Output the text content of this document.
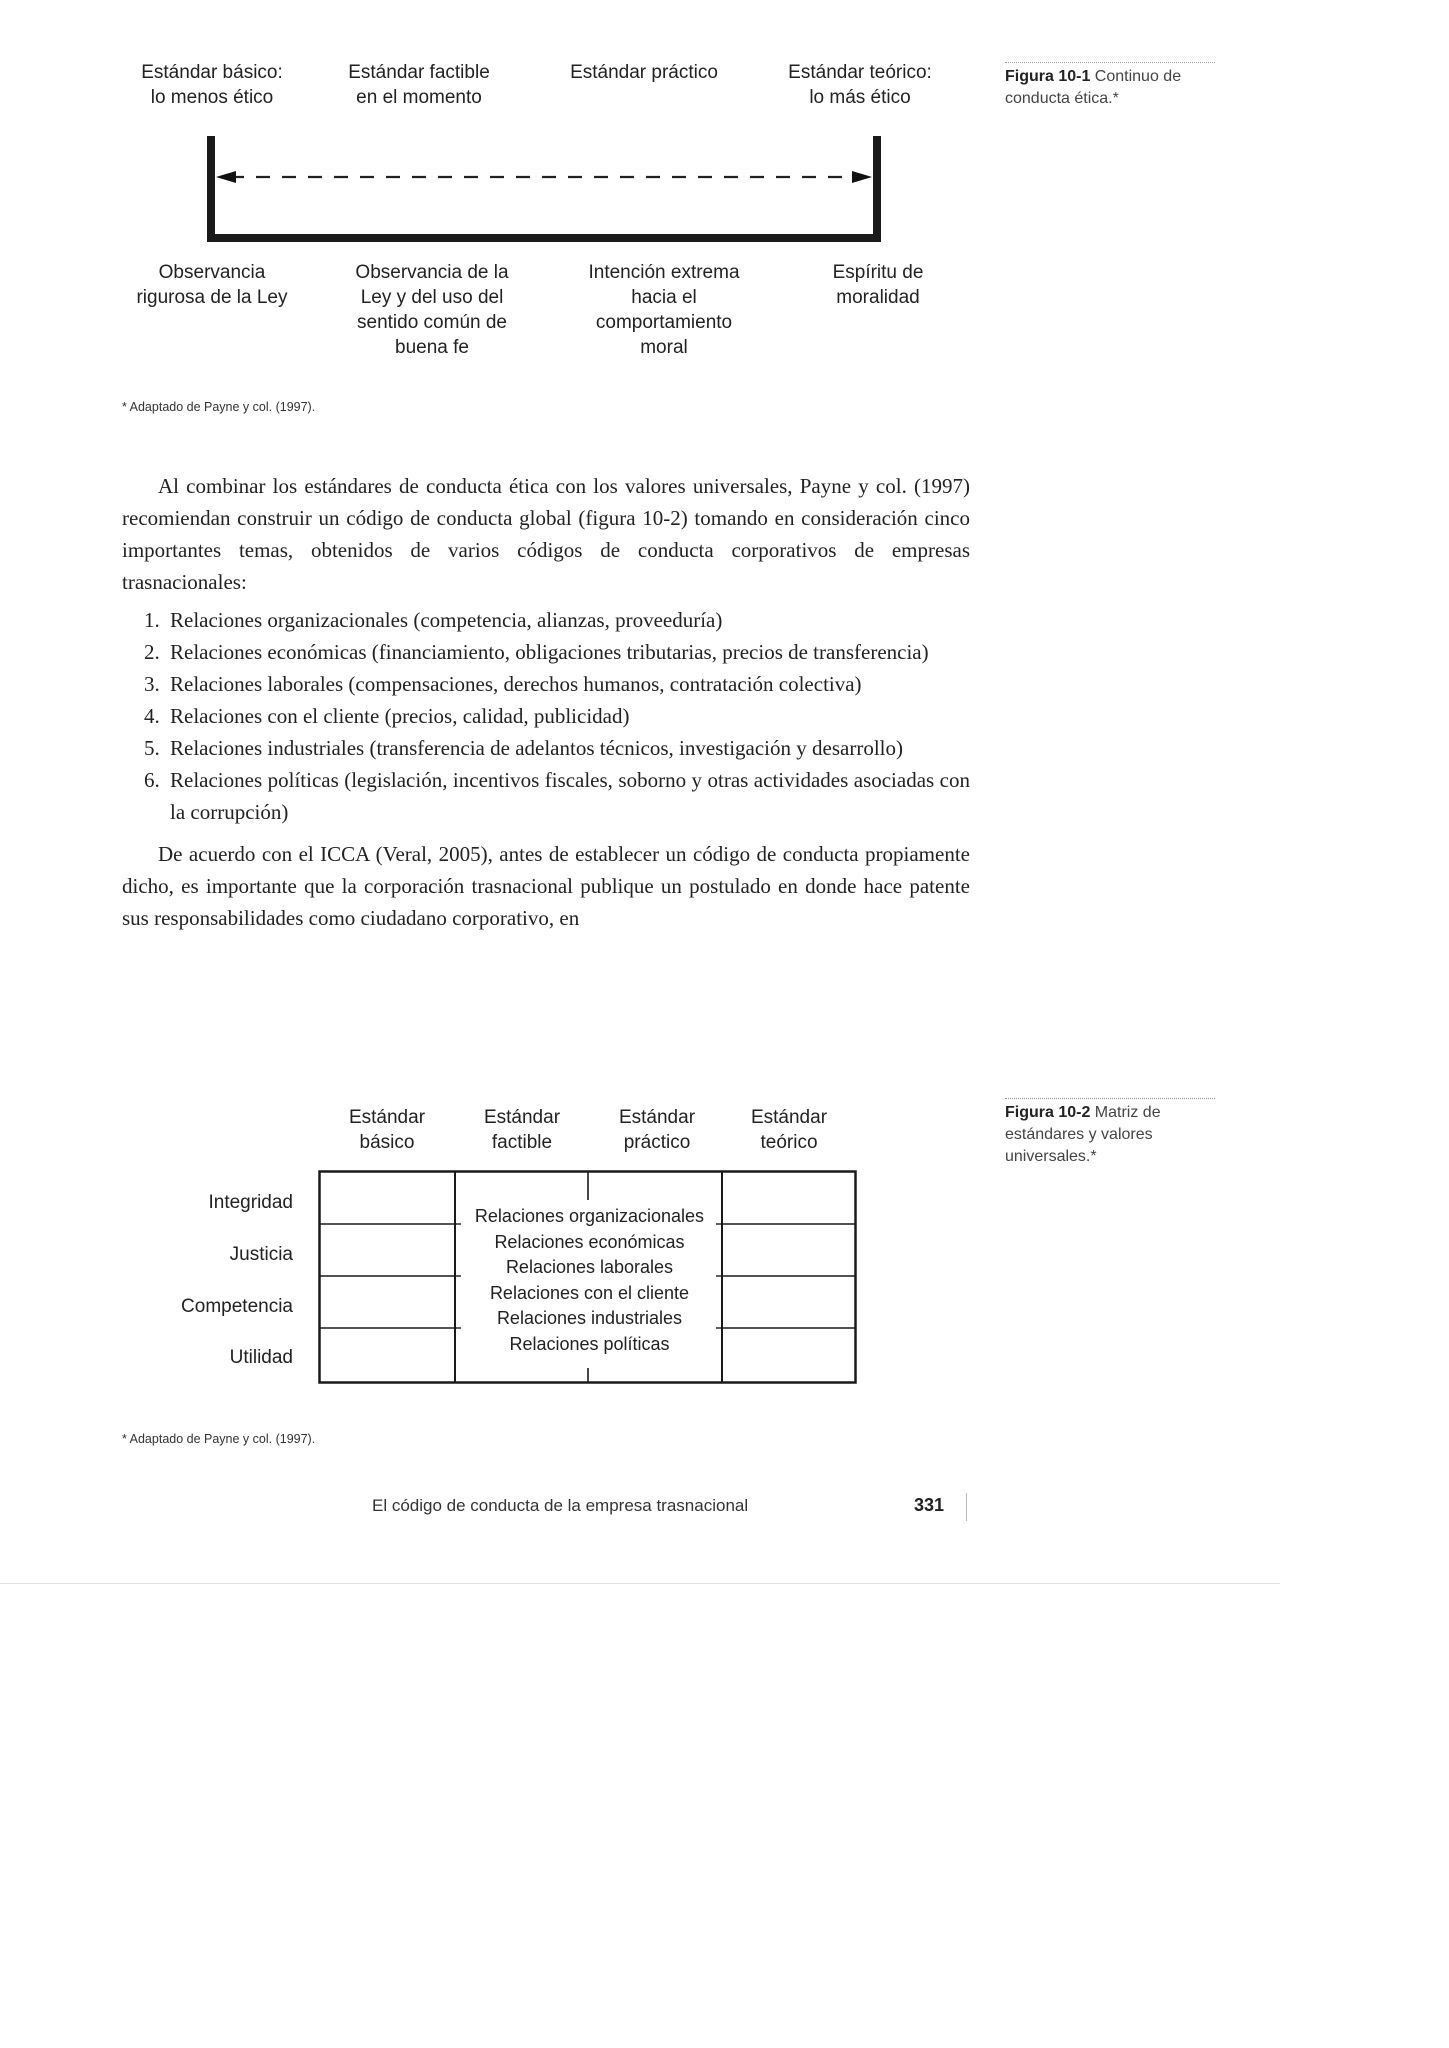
Estándar básico:
lo menos ético
Estándar factible
en el momento
Estándar práctico	Estándar teórico:
lo más ético
Observancia
rigurosa de la Ley
Observancia de la
Ley y del uso del
sentido común de
buena fe
Intención extrema
hacia el
comportamiento
moral
Espíritu de
moralidad
Figura 10-1 Continuo de conducta ética.*
* Adaptado de Payne y col. (1997).

Al combinar los estándares de conducta ética con los valores universales, Payne y col. (1997) recomiendan construir un código de conducta global (figura 10-2) tomando en consideración cinco importantes temas, obtenidos de varios códigos de conducta corporativos de empresas trasnacionales:

1. Relaciones organizacionales (competencia, alianzas, proveeduría)
2. Relaciones económicas (financiamiento, obligaciones tributarias, precios de transferencia)
3. Relaciones laborales (compensaciones, derechos humanos, contratación colectiva)
4. Relaciones con el cliente (precios, calidad, publicidad)
5. Relaciones industriales (transferencia de adelantos técnicos, investigación y desarrollo)
6. Relaciones políticas (legislación, incentivos fiscales, soborno y otras actividades asociadas con la corrupción)

De acuerdo con el ICCA (Veral, 2005), antes de establecer un código de conducta propiamente dicho, es importante que la corporación trasnacional publique un postulado en donde hace patente sus responsabilidades como ciudadano corporativo, en

Estándar
básico
Estándar
factible
Estándar
práctico
Estándar
teórico
Integridad
Justicia
Competencia
Utilidad
Relaciones organizacionales
Relaciones económicas
Relaciones laborales
Relaciones con el cliente
Relaciones industriales
Relaciones políticas
Figura 10-2 Matriz de estándares y valores universales.*
* Adaptado de Payne y col. (1997).
El código de conducta de la empresa trasnacional	331
